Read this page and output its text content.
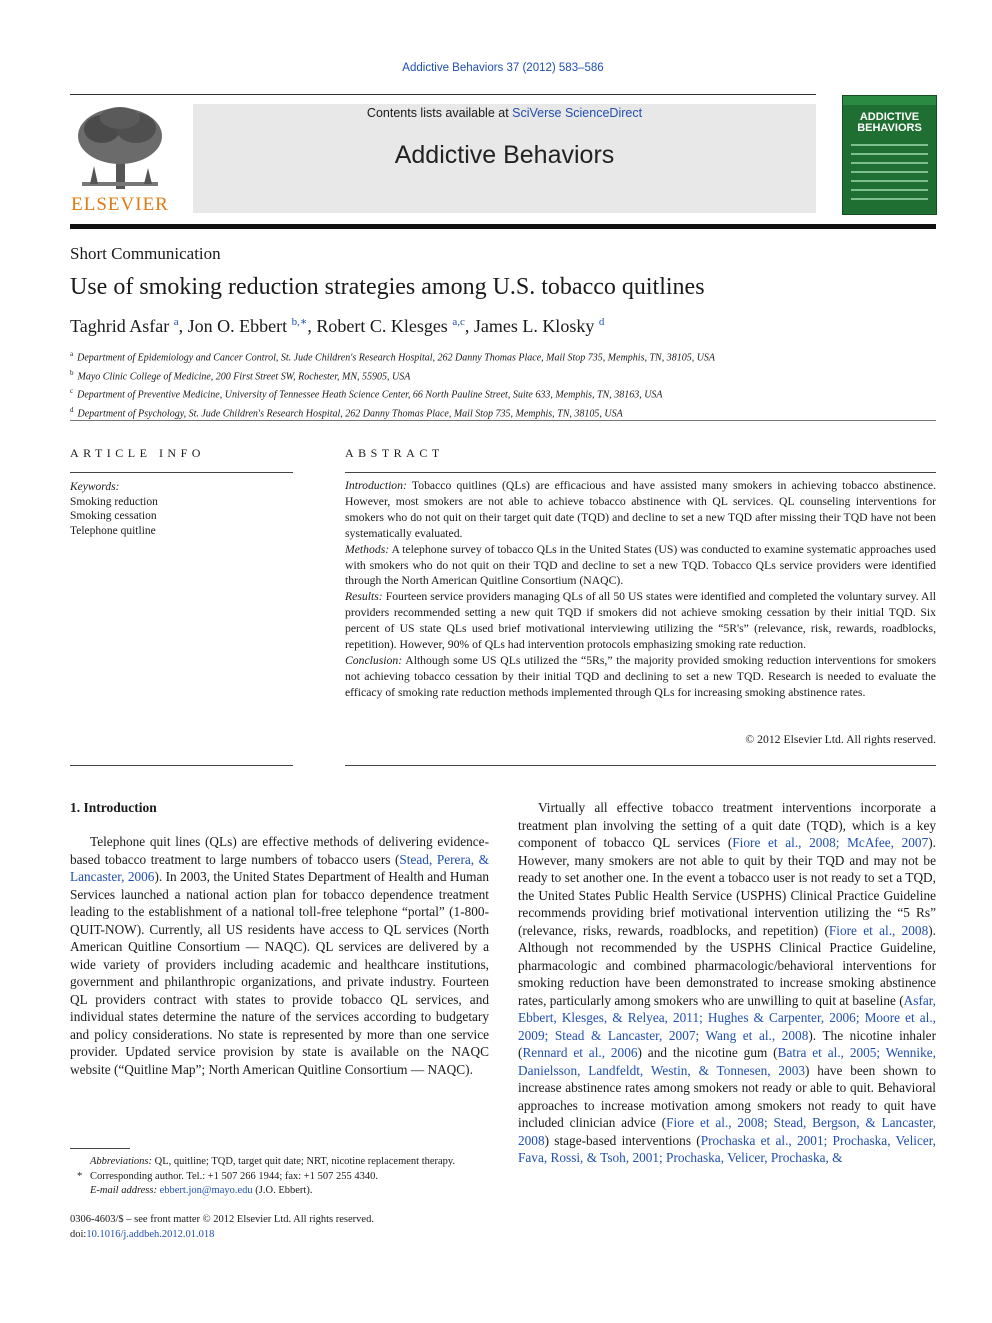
Addictive Behaviors 37 (2012) 583–586
ELSEVIER
Contents lists available at SciVerse ScienceDirect
Addictive Behaviors
ADDICTIVE BEHAVIORS
Short Communication
Use of smoking reduction strategies among U.S. tobacco quitlines
Taghrid Asfar $^a$, Jon O. Ebbert $^{b,∗}$, Robert C. Klesges $^{a,c}$, James L. Klosky $^d$
$^a$ Department of Epidemiology and Cancer Control, St. Jude Children's Research Hospital, 262 Danny Thomas Place, Mail Stop 735, Memphis, TN, 38105, USA
$^b$ Mayo Clinic College of Medicine, 200 First Street SW, Rochester, MN, 55905, USA
$^c$ Department of Preventive Medicine, University of Tennessee Heath Science Center, 66 North Pauline Street, Suite 633, Memphis, TN, 38163, USA
$^d$ Department of Psychology, St. Jude Children's Research Hospital, 262 Danny Thomas Place, Mail Stop 735, Memphis, TN, 38105, USA
ARTICLE INFO
Keywords:
Smoking reduction
Smoking cessation
Telephone quitline
ABSTRACT

Introduction: Tobacco quitlines (QLs) are efficacious and have assisted many smokers in achieving tobacco abstinence. However, most smokers are not able to achieve tobacco abstinence with QL services. QL counseling interventions for smokers who do not quit on their target quit date (TQD) and decline to set a new TQD after missing their TQD have not been systematically evaluated.

Methods: A telephone survey of tobacco QLs in the United States (US) was conducted to examine systematic approaches used with smokers who do not quit on their TQD and decline to set a new TQD. Tobacco QLs service providers were identified through the North American Quitline Consortium (NAQC).

Results: Fourteen service providers managing QLs of all 50 US states were identified and completed the voluntary survey. All providers recommended setting a new quit TQD if smokers did not achieve smoking cessation by their initial TQD. Six percent of US state QLs used brief motivational interviewing utilizing the “5R's” (relevance, risk, rewards, roadblocks, repetition). However, 90% of QLs had intervention protocols emphasizing smoking rate reduction.

Conclusion: Although some US QLs utilized the “5Rs,” the majority provided smoking reduction interventions for smokers not achieving tobacco cessation by their initial TQD and declining to set a new TQD. Research is needed to evaluate the efficacy of smoking rate reduction methods implemented through QLs for increasing smoking abstinence rates.

© 2012 Elsevier Ltd. All rights reserved.
1. Introduction

Telephone quit lines (QLs) are effective methods of delivering evidence-based tobacco treatment to large numbers of tobacco users (Stead, Perera, & Lancaster, 2006). In 2003, the United States Department of Health and Human Services launched a national action plan for tobacco dependence treatment leading to the establishment of a national toll-free telephone “portal” (1-800-QUIT-NOW). Currently, all US residents have access to QL services (North American Quitline Consortium — NAQC). QL services are delivered by a wide variety of providers including academic and healthcare institutions, government and philanthropic organizations, and private industry. Fourteen QL providers contract with states to provide tobacco QL services, and individual states determine the nature of the services according to budgetary and policy considerations. No state is represented by more than one service provider. Updated service provision by state is available on the NAQC website (“Quitline Map”; North American Quitline Consortium — NAQC).

Virtually all effective tobacco treatment interventions incorporate a treatment plan involving the setting of a quit date (TQD), which is a key component of tobacco QL services (Fiore et al., 2008; McAfee, 2007). However, many smokers are not able to quit by their TQD and may not be ready to set another one. In the event a tobacco user is not ready to set a TQD, the United States Public Health Service (USPHS) Clinical Practice Guideline recommends providing brief motivational intervention utilizing the “5 Rs” (relevance, risks, rewards, roadblocks, and repetition) (Fiore et al., 2008). Although not recommended by the USPHS Clinical Practice Guideline, pharmacologic and combined pharmacologic/behavioral interventions for smoking reduction have been demonstrated to increase smoking abstinence rates, particularly among smokers who are unwilling to quit at baseline (Asfar, Ebbert, Klesges, & Relyea, 2011; Hughes & Carpenter, 2006; Moore et al., 2009; Stead & Lancaster, 2007; Wang et al., 2008). The nicotine inhaler (Rennard et al., 2006) and the nicotine gum (Batra et al., 2005; Wennike, Danielsson, Landfeldt, Westin, & Tonnesen, 2003) have been shown to increase abstinence rates among smokers not ready or able to quit. Behavioral approaches to increase motivation among smokers not ready to quit have included clinician advice (Fiore et al., 2008; Stead, Bergson, & Lancaster, 2008) stage-based interventions (Prochaska et al., 2001; Prochaska, Velicer, Fava, Rossi, & Tsoh, 2001; Prochaska, Velicer, Prochaska, &

Abbreviations: QL, quitline; TQD, target quit date; NRT, nicotine replacement therapy.
* Corresponding author. Tel.: +1 507 266 1944; fax: +1 507 255 4340.
E-mail address: ebbert.jon@mayo.edu (J.O. Ebbert).
0306-4603/$ – see front matter © 2012 Elsevier Ltd. All rights reserved.
doi:10.1016/j.addbeh.2012.01.018
